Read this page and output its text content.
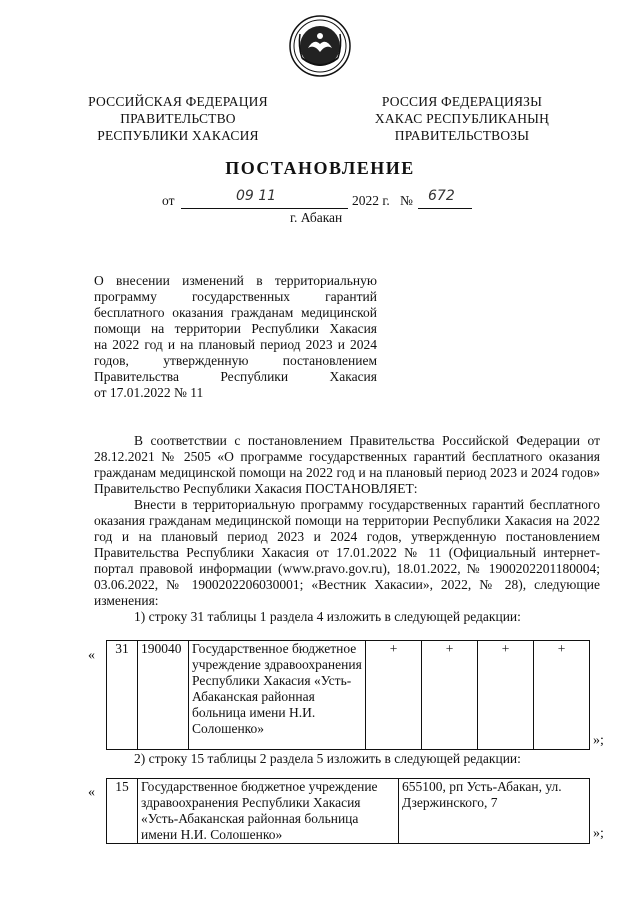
РОССИЙСКАЯ ФЕДЕРАЦИЯ
ПРАВИТЕЛЬСТВО
РЕСПУБЛИКИ ХАКАСИЯ
РОССИЯ ФЕДЕРАЦИЯЗЫ
ХАКАС РЕСПУБЛИКАНЫҢ
ПРАВИТЕЛЬСТВОЗЫ
ПОСТАНОВЛЕНИЕ
от	09 11	2022 г. № 672
г. Абакан

О внесении изменений в территориальную

программу государственных гарантий

бесплатного оказания гражданам медицинской

помощи на территории Республики Хакасия

на 2022 год и на плановый период 2023 и 2024

годов, утвержденную постановлением

Правительства Республики Хакасия

от 17.01.2022 № 11

В соответствии с постановлением Правительства Российской Федерации от 28.12.2021 № 2505 «О программе государственных гарантий бесплатного оказания гражданам медицинской помощи на 2022 год и на плановый период 2023 и 2024 годов» Правительство Республики Хакасия ПОСТАНОВЛЯЕТ:

Внести в территориальную программу государственных гарантий бесплатного оказания гражданам медицинской помощи на территории Республики Хакасия на 2022 год и на плановый период 2023 и 2024 годов, утвержденную постановлением Правительства Республики Хакасия от 17.01.2022 № 11 (Официальный интернет-портал правовой информации (www.pravo.gov.ru), 18.01.2022, № 1900202201180004; 03.06.2022, № 1900202206030001; «Вестник Хакасии», 2022, № 28), следующие изменения:

1) строку 31 таблицы 1 раздела 4 изложить в следующей редакции:

« 31	190040	Государственное бюджетное учреждение здравоохранения Республики Хакасия «Усть-Абаканская районная больница имени Н.И. Солошенко»	+	+	+	+
»;
2) строку 15 таблицы 2 раздела 5 изложить в следующей редакции:
« 15	Государственное бюджетное учреждение здравоохранения Республики Хакасия «Усть-Абаканская районная больница имени Н.И. Солошенко»	655100, рп Усть-Абакан, ул. Дзержинского, 7
»;
